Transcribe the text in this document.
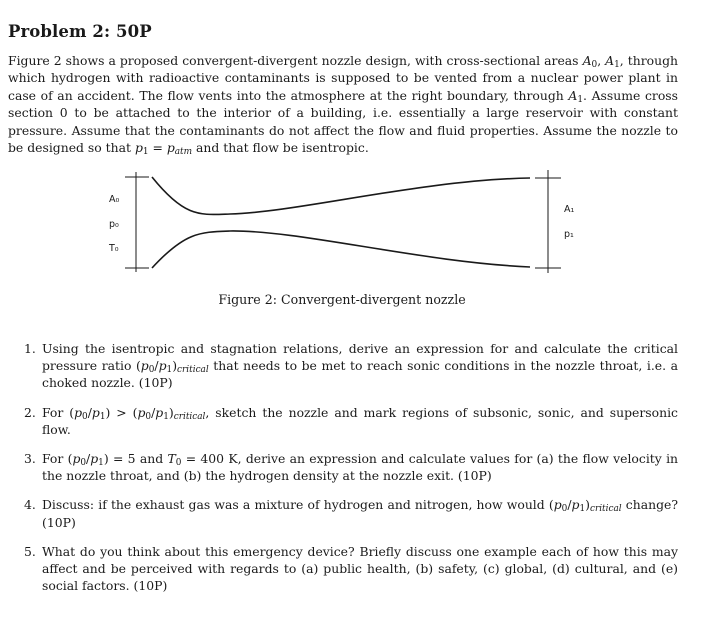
Problem 2: 50P
Figure 2 shows a proposed convergent-divergent nozzle design, with cross-sectional areas $A_0$, $A_1$, through which hydrogen with radioactive contaminants is supposed to be vented from a nuclear power plant in case of an accident. The flow vents into the atmosphere at the right boundary, through $A_1$. Assume cross section 0 to be attached to the interior of a building, i.e. essentially a large reservoir with constant pressure. Assume that the contaminants do not affect the flow and fluid properties. Assume the nozzle to be designed so that $p_1 = p_{atm}$ and that flow be isentropic.
A₀
p₀
T₀
A₁
p₁
Figure 2: Convergent-divergent nozzle
1. Using the isentropic and stagnation relations, derive an expression for and calculate the critical pressure ratio $(p_0/p_1)_{critical}$ that needs to be met to reach sonic conditions in the nozzle throat, i.e. a choked nozzle. (10P)
2. For $(p_0/p_1) > (p_0/p_1)_{critical}$, sketch the nozzle and mark regions of subsonic, sonic, and supersonic flow.
3. For $(p_0/p_1) = 5$ and $T_0 = 400$ K, derive an expression and calculate values for (a) the flow velocity in the nozzle throat, and (b) the hydrogen density at the nozzle exit. (10P)
4. Discuss: if the exhaust gas was a mixture of hydrogen and nitrogen, how would $(p_0/p_1)_{critical}$ change? (10P)
5. What do you think about this emergency device? Briefly discuss one example each of how this may affect and be perceived with regards to (a) public health, (b) safety, (c) global, (d) cultural, and (e) social factors. (10P)
